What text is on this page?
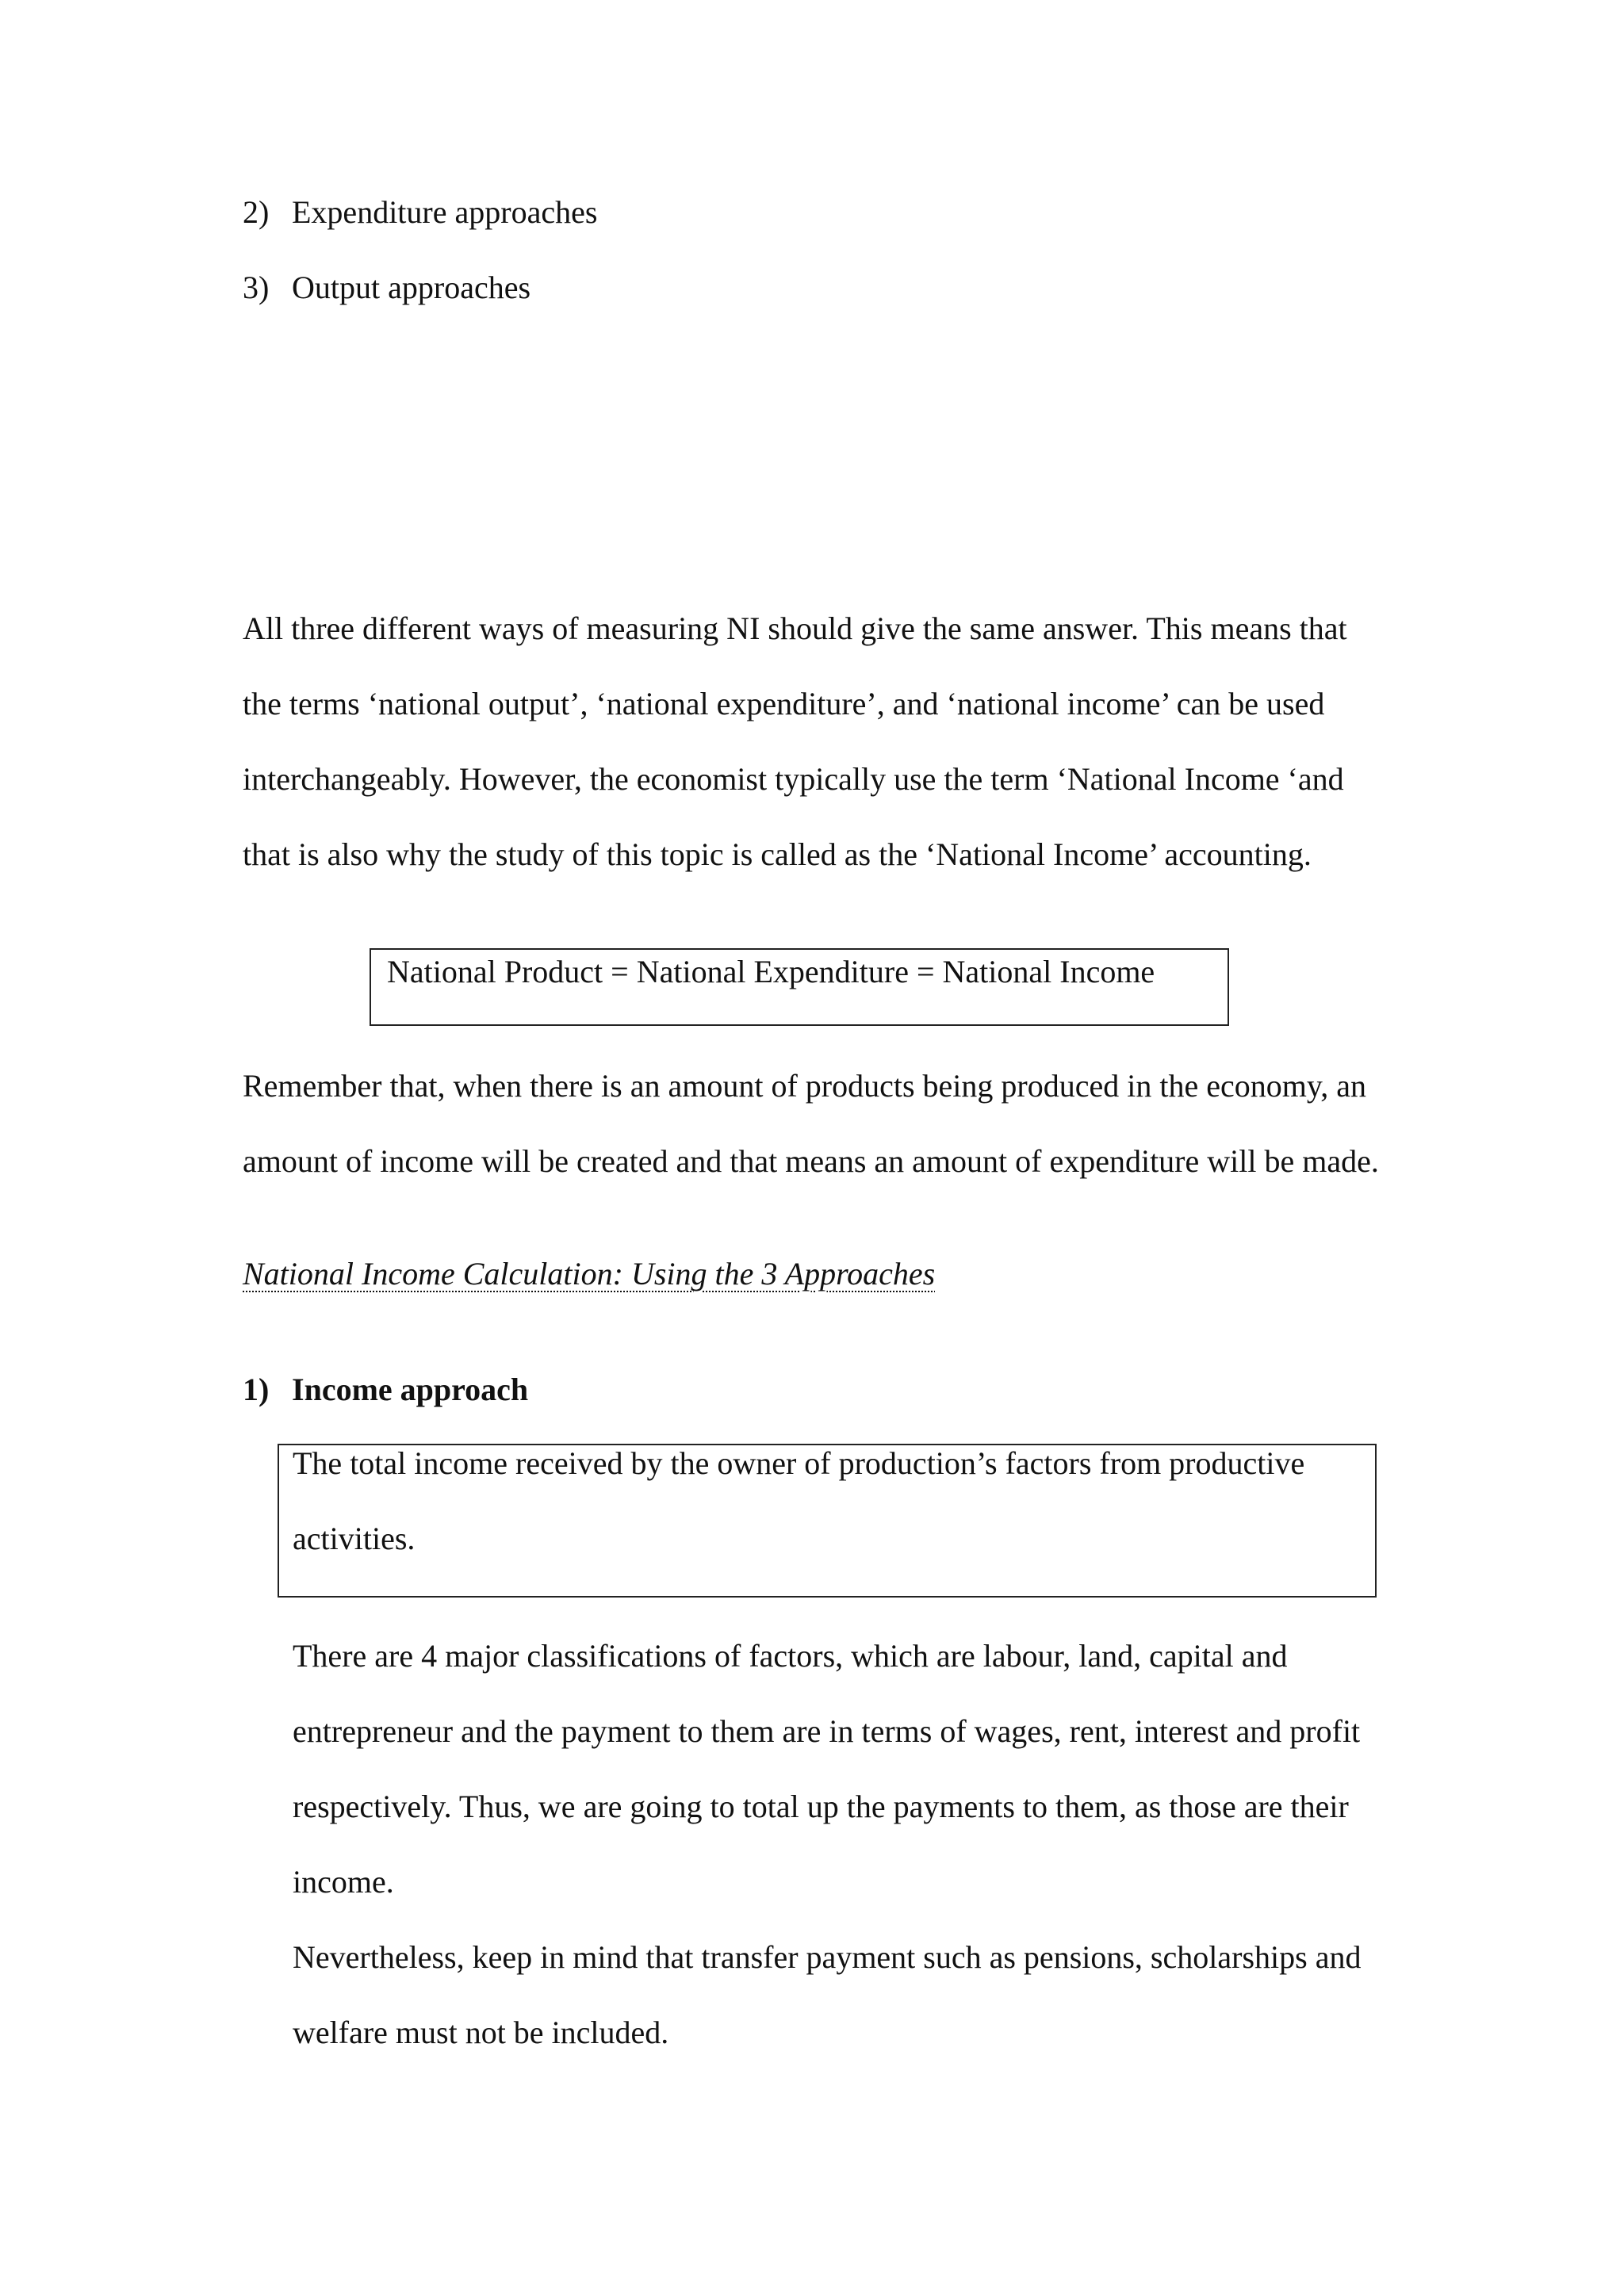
2) Expenditure approaches
3) Output approaches
All three different ways of measuring NI should give the same answer. This means that
the terms ‘national output’, ‘national expenditure’, and ‘national income’ can be used
interchangeably. However, the economist typically use the term ‘National Income ‘and
that is also why the study of this topic is called as the ‘National Income’ accounting.
National Product = National Expenditure = National Income
Remember that, when there is an amount of products being produced in the economy, an
amount of income will be created and that means an amount of expenditure will be made.
National Income Calculation: Using the 3 Approaches
1) Income approach
The total income received by the owner of production’s factors from productive
activities.
There are 4 major classifications of factors, which are labour, land, capital and
entrepreneur and the payment to them are in terms of wages, rent, interest and profit
respectively. Thus, we are going to total up the payments to them, as those are their
income.
Nevertheless, keep in mind that transfer payment such as pensions, scholarships and
welfare must not be included.
